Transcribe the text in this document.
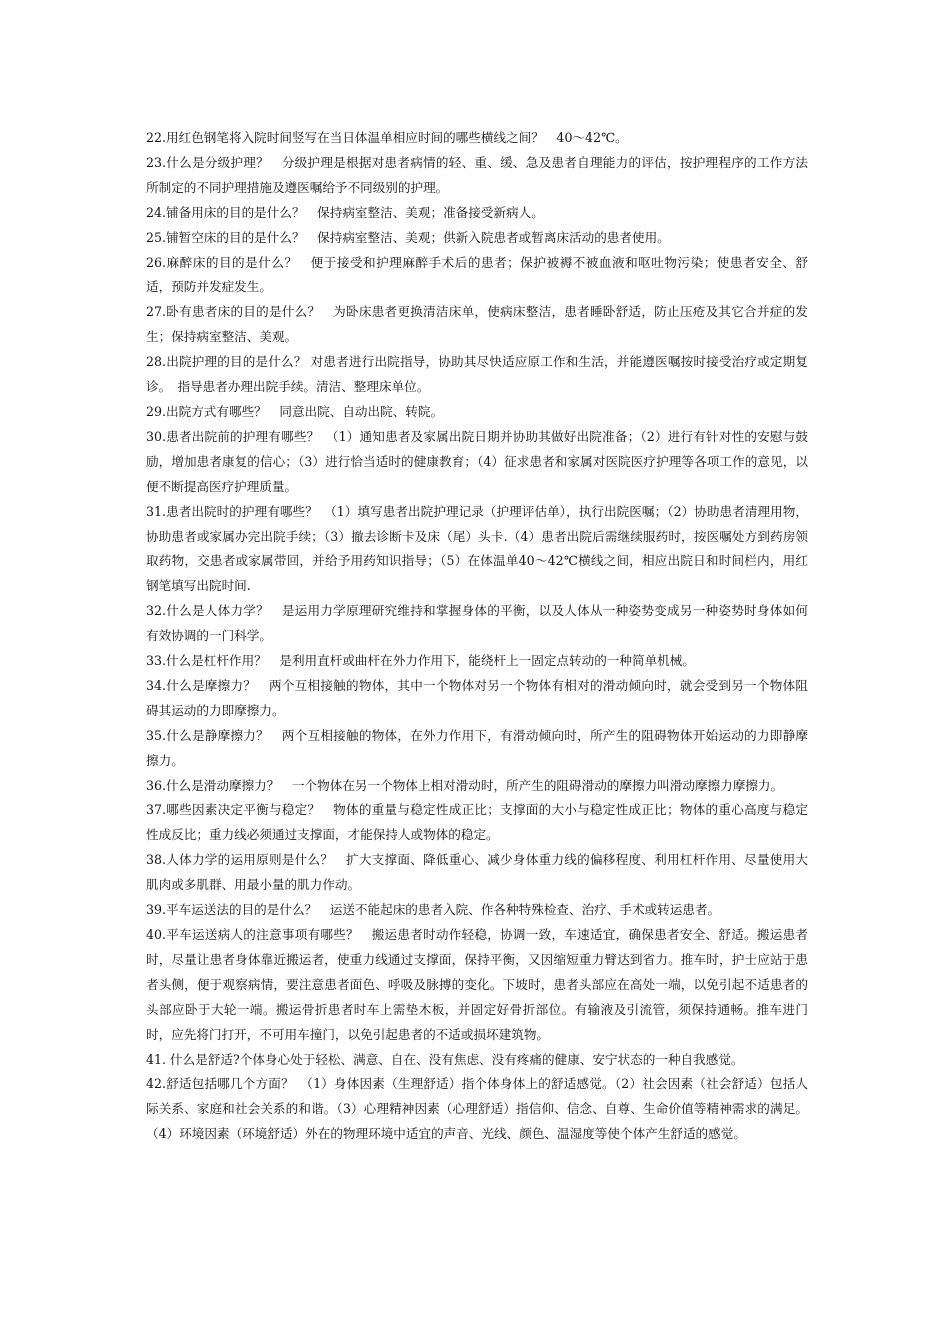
22.用红色钢笔将入院时间竖写在当日体温单相应时间的哪些横线之间？　40～42℃。

23.什么是分级护理？　分级护理是根据对患者病情的轻、重、缓、急及患者自理能力的评估，按护理程序的工作方法所制定的不同护理措施及遵医嘱给予不同级别的护理。

24.铺备用床的目的是什么？　保持病室整洁、美观；准备接受新病人。

25.铺暂空床的目的是什么？　保持病室整洁、美观；供新入院患者或暂离床活动的患者使用。

26.麻醉床的目的是什么？　便于接受和护理麻醉手术后的患者；保护被褥不被血液和呕吐物污染；使患者安全、舒适，预防并发症发生。

27.卧有患者床的目的是什么？　为卧床患者更换清洁床单，使病床整洁，患者睡卧舒适，防止压疮及其它合并症的发生；保持病室整洁、美观。

28.出院护理的目的是什么？ 对患者进行出院指导，协助其尽快适应原工作和生活，并能遵医嘱按时接受治疗或定期复诊。　指导患者办理出院手续。清洁、整理床单位。

29.出院方式有哪些？　同意出院、自动出院、转院。

30.患者出院前的护理有哪些？　（1）通知患者及家属出院日期并协助其做好出院准备；（2）进行有针对性的安慰与鼓励，增加患者康复的信心；（3）进行恰当适时的健康教育；（4）征求患者和家属对医院医疗护理等各项工作的意见，以便不断提高医疗护理质量。

31.患者出院时的护理有哪些？　（1）填写患者出院护理记录（护理评估单），执行出院医嘱；（2）协助患者清理用物，协助患者或家属办完出院手续；（3）撤去诊断卡及床（尾）头卡.（4）患者出院后需继续服药时，按医嘱处方到药房领取药物，交患者或家属带回，并给予用药知识指导；（5）在体温单40～42℃横线之间，相应出院日和时间栏内，用红钢笔填写出院时间.

32.什么是人体力学？　是运用力学原理研究维持和掌握身体的平衡，以及人体从一种姿势变成另一种姿势时身体如何有效协调的一门科学。

33.什么是杠杆作用？　是利用直杆或曲杆在外力作用下，能绕杆上一固定点转动的一种简单机械。

34.什么是摩擦力？　两个互相接触的物体，其中一个物体对另一个物体有相对的滑动倾向时，就会受到另一个物体阻碍其运动的力即摩擦力。

35.什么是静摩擦力？　两个互相接触的物体，在外力作用下，有滑动倾向时，所产生的阻碍物体开始运动的力即静摩擦力。

36.什么是滑动摩擦力？　一个物体在另一个物体上相对滑动时，所产生的阻碍滑动的摩擦力叫滑动摩擦力摩擦力。

37.哪些因素决定平衡与稳定？　物体的重量与稳定性成正比；支撑面的大小与稳定性成正比；物体的重心高度与稳定性成反比；重力线必须通过支撑面，才能保持人或物体的稳定。

38.人体力学的运用原则是什么？　扩大支撑面、降低重心、减少身体重力线的偏移程度、利用杠杆作用、尽量使用大肌肉或多肌群、用最小量的肌力作动。

39.平车运送法的目的是什么？　运送不能起床的患者入院、作各种特殊检查、治疗、手术或转运患者。

40.平车运送病人的注意事项有哪些？　搬运患者时动作轻稳，协调一致，车速适宜，确保患者安全、舒适。搬运患者时，尽量让患者身体靠近搬运者，使重力线通过支撑面，保持平衡，又因缩短重力臂达到省力。推车时，护士应站于患者头侧，便于观察病情，要注意患者面色、呼吸及脉搏的变化。下坡时，患者头部应在高处一端，以免引起不适患者的头部应卧于大轮一端。搬运骨折患者时车上需垫木板，并固定好骨折部位。有输液及引流管，须保持通畅。推车进门时，应先将门打开，不可用车撞门，以免引起患者的不适或损坏建筑物。

41. 什么是舒适?个体身心处于轻松、满意、自在、没有焦虑、没有疼痛的健康、安宁状态的一种自我感觉。

42.舒适包括哪几个方面？　（1）身体因素（生理舒适）指个体身体上的舒适感觉。（2）社会因素（社会舒适）包括人际关系、家庭和社会关系的和谐。（3）心理精神因素（心理舒适）指信仰、信念、自尊、生命价值等精神需求的满足。（4）环境因素（环境舒适）外在的物理环境中适宜的声音、光线、颜色、温湿度等使个体产生舒适的感觉。
